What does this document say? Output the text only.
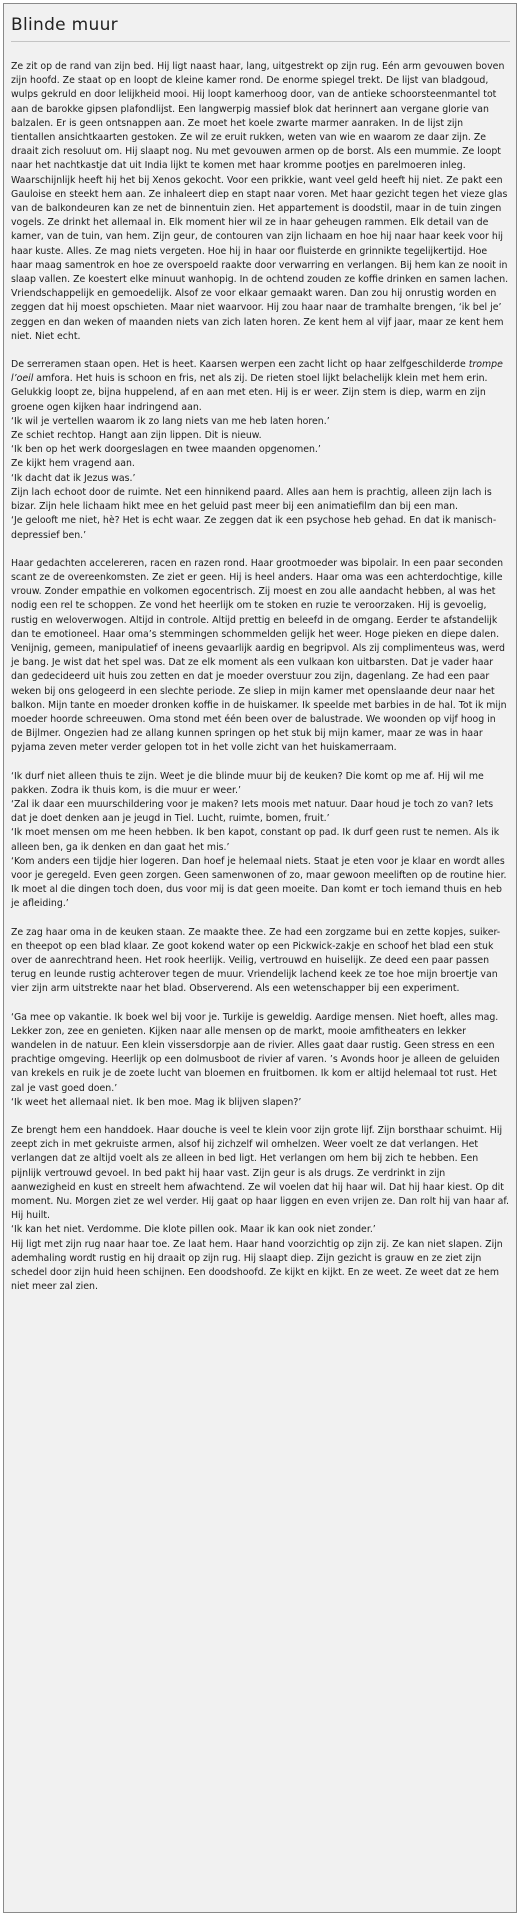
Blinde muur

Ze zit op de rand van zijn bed. Hij ligt naast haar, lang, uitgestrekt op zijn rug. Eén arm gevouwen boven zijn hoofd. Ze staat op en loopt de kleine kamer rond. De enorme spiegel trekt. De lijst van bladgoud, wulps gekruld en door lelijkheid mooi. Hij loopt kamerhoog door, van de antieke schoorsteenmantel tot aan de barokke gipsen plafondlijst. Een langwerpig massief blok dat herinnert aan vergane glorie van balzalen. Er is geen ontsnappen aan. Ze moet het koele zwarte marmer aanraken. In de lijst zijn tientallen ansichtkaarten gestoken. Ze wil ze eruit rukken, weten van wie en waarom ze daar zijn. Ze draait zich resoluut om. Hij slaapt nog. Nu met gevouwen armen op de borst. Als een mummie. Ze loopt naar het nachtkastje dat uit India lijkt te komen met haar kromme pootjes en parelmoeren inleg. Waarschijnlijk heeft hij het bij Xenos gekocht. Voor een prikkie, want veel geld heeft hij niet. Ze pakt een Gauloise en steekt hem aan. Ze inhaleert diep en stapt naar voren. Met haar gezicht tegen het vieze glas van de balkondeuren kan ze net de binnentuin zien. Het appartement is doodstil, maar in de tuin zingen vogels. Ze drinkt het allemaal in. Elk moment hier wil ze in haar geheugen rammen. Elk detail van de kamer, van de tuin, van hem. Zijn geur, de contouren van zijn lichaam en hoe hij naar haar keek voor hij haar kuste. Alles. Ze mag niets vergeten. Hoe hij in haar oor fluisterde en grinnikte tegelijkertijd. Hoe haar maag samentrok en hoe ze overspoeld raakte door verwarring en verlangen. Bij hem kan ze nooit in slaap vallen. Ze koestert elke minuut wanhopig. In de ochtend zouden ze koffie drinken en samen lachen. Vriendschappelijk en gemoedelijk. Alsof ze voor elkaar gemaakt waren. Dan zou hij onrustig worden en zeggen dat hij moest opschieten. Maar niet waarvoor. Hij zou haar naar de tramhalte brengen, ‘ik bel je’ zeggen en dan weken of maanden niets van zich laten horen. Ze kent hem al vijf jaar, maar ze kent hem niet. Niet echt.

De serreramen staan open. Het is heet. Kaarsen werpen een zacht licht op haar zelfgeschilderde trompe l’oeil amfora. Het huis is schoon en fris, net als zij. De rieten stoel lijkt belachelijk klein met hem erin. Gelukkig loopt ze, bijna huppelend, af en aan met eten. Hij is er weer. Zijn stem is diep, warm en zijn groene ogen kijken haar indringend aan.
‘Ik wil je vertellen waarom ik zo lang niets van me heb laten horen.’
Ze schiet rechtop. Hangt aan zijn lippen. Dit is nieuw.
‘Ik ben op het werk doorgeslagen en twee maanden opgenomen.’
Ze kijkt hem vragend aan.
‘Ik dacht dat ik Jezus was.’
Zijn lach echoot door de ruimte. Net een hinnikend paard. Alles aan hem is prachtig, alleen zijn lach is bizar. Zijn hele lichaam hikt mee en het geluid past meer bij een animatiefilm dan bij een man.
‘Je gelooft me niet, hè? Het is echt waar. Ze zeggen dat ik een psychose heb gehad. En dat ik manisch-depressief ben.’

Haar gedachten accelereren, racen en razen rond. Haar grootmoeder was bipolair. In een paar seconden scant ze de overeenkomsten. Ze ziet er geen. Hij is heel anders. Haar oma was een achterdochtige, kille vrouw. Zonder empathie en volkomen egocentrisch. Zij moest en zou alle aandacht hebben, al was het nodig een rel te schoppen. Ze vond het heerlijk om te stoken en ruzie te veroorzaken. Hij is gevoelig, rustig en weloverwogen. Altijd in controle. Altijd prettig en beleefd in de omgang. Eerder te afstandelijk dan te emotioneel. Haar oma’s stemmingen schommelden gelijk het weer. Hoge pieken en diepe dalen. Venijnig, gemeen, manipulatief of ineens gevaarlijk aardig en begripvol. Als zij complimenteus was, werd je bang. Je wist dat het spel was. Dat ze elk moment als een vulkaan kon uitbarsten. Dat je vader haar dan gedecideerd uit huis zou zetten en dat je moeder overstuur zou zijn, dagenlang. Ze had een paar weken bij ons gelogeerd in een slechte periode. Ze sliep in mijn kamer met openslaande deur naar het balkon. Mijn tante en moeder dronken koffie in de huiskamer. Ik speelde met barbies in de hal. Tot ik mijn moeder hoorde schreeuwen. Oma stond met één been over de balustrade. We woonden op vijf hoog in de Bijlmer. Ongezien had ze allang kunnen springen op het stuk bij mijn kamer, maar ze was in haar pyjama zeven meter verder gelopen tot in het volle zicht van het huiskamerraam.

‘Ik durf niet alleen thuis te zijn. Weet je die blinde muur bij de keuken? Die komt op me af. Hij wil me pakken. Zodra ik thuis kom, is die muur er weer.’
‘Zal ik daar een muurschildering voor je maken? Iets moois met natuur. Daar houd je toch zo van? Iets dat je doet denken aan je jeugd in Tiel. Lucht, ruimte, bomen, fruit.’
‘Ik moet mensen om me heen hebben. Ik ben kapot, constant op pad. Ik durf geen rust te nemen. Als ik alleen ben, ga ik denken en dan gaat het mis.’
‘Kom anders een tijdje hier logeren. Dan hoef je helemaal niets. Staat je eten voor je klaar en wordt alles voor je geregeld. Even geen zorgen. Geen samenwonen of zo, maar gewoon meeliften op de routine hier. Ik moet al die dingen toch doen, dus voor mij is dat geen moeite. Dan komt er toch iemand thuis en heb je afleiding.’

Ze zag haar oma in de keuken staan. Ze maakte thee. Ze had een zorgzame bui en zette kopjes, suiker- en theepot op een blad klaar. Ze goot kokend water op een Pickwick-zakje en schoof het blad een stuk over de aanrechtrand heen. Het rook heerlijk. Veilig, vertrouwd en huiselijk. Ze deed een paar passen terug en leunde rustig achterover tegen de muur. Vriendelijk lachend keek ze toe hoe mijn broertje van vier zijn arm uitstrekte naar het blad. Observerend. Als een wetenschapper bij een experiment.

‘Ga mee op vakantie. Ik boek wel bij voor je. Turkije is geweldig. Aardige mensen. Niet hoeft, alles mag. Lekker zon, zee en genieten. Kijken naar alle mensen op de markt, mooie amfitheaters en lekker wandelen in de natuur. Een klein vissersdorpje aan de rivier. Alles gaat daar rustig. Geen stress en een prachtige omgeving. Heerlijk op een dolmusboot de rivier af varen. ’s Avonds hoor je alleen de geluiden van krekels en ruik je de zoete lucht van bloemen en fruitbomen. Ik kom er altijd helemaal tot rust. Het zal je vast goed doen.’
‘Ik weet het allemaal niet. Ik ben moe. Mag ik blijven slapen?’

Ze brengt hem een handdoek. Haar douche is veel te klein voor zijn grote lijf. Zijn borsthaar schuimt. Hij zeept zich in met gekruiste armen, alsof hij zichzelf wil omhelzen. Weer voelt ze dat verlangen. Het verlangen dat ze altijd voelt als ze alleen in bed ligt. Het verlangen om hem bij zich te hebben. Een pijnlijk vertrouwd gevoel. In bed pakt hij haar vast. Zijn geur is als drugs. Ze verdrinkt in zijn aanwezigheid en kust en streelt hem afwachtend. Ze wil voelen dat hij haar wil. Dat hij haar kiest. Op dit moment. Nu. Morgen ziet ze wel verder. Hij gaat op haar liggen en even vrijen ze. Dan rolt hij van haar af. Hij huilt.
‘Ik kan het niet. Verdomme. Die klote pillen ook. Maar ik kan ook niet zonder.’
Hij ligt met zijn rug naar haar toe. Ze laat hem. Haar hand voorzichtig op zijn zij. Ze kan niet slapen. Zijn ademhaling wordt rustig en hij draait op zijn rug. Hij slaapt diep. Zijn gezicht is grauw en ze ziet zijn schedel door zijn huid heen schijnen. Een doodshoofd. Ze kijkt en kijkt. En ze weet. Ze weet dat ze hem niet meer zal zien.
